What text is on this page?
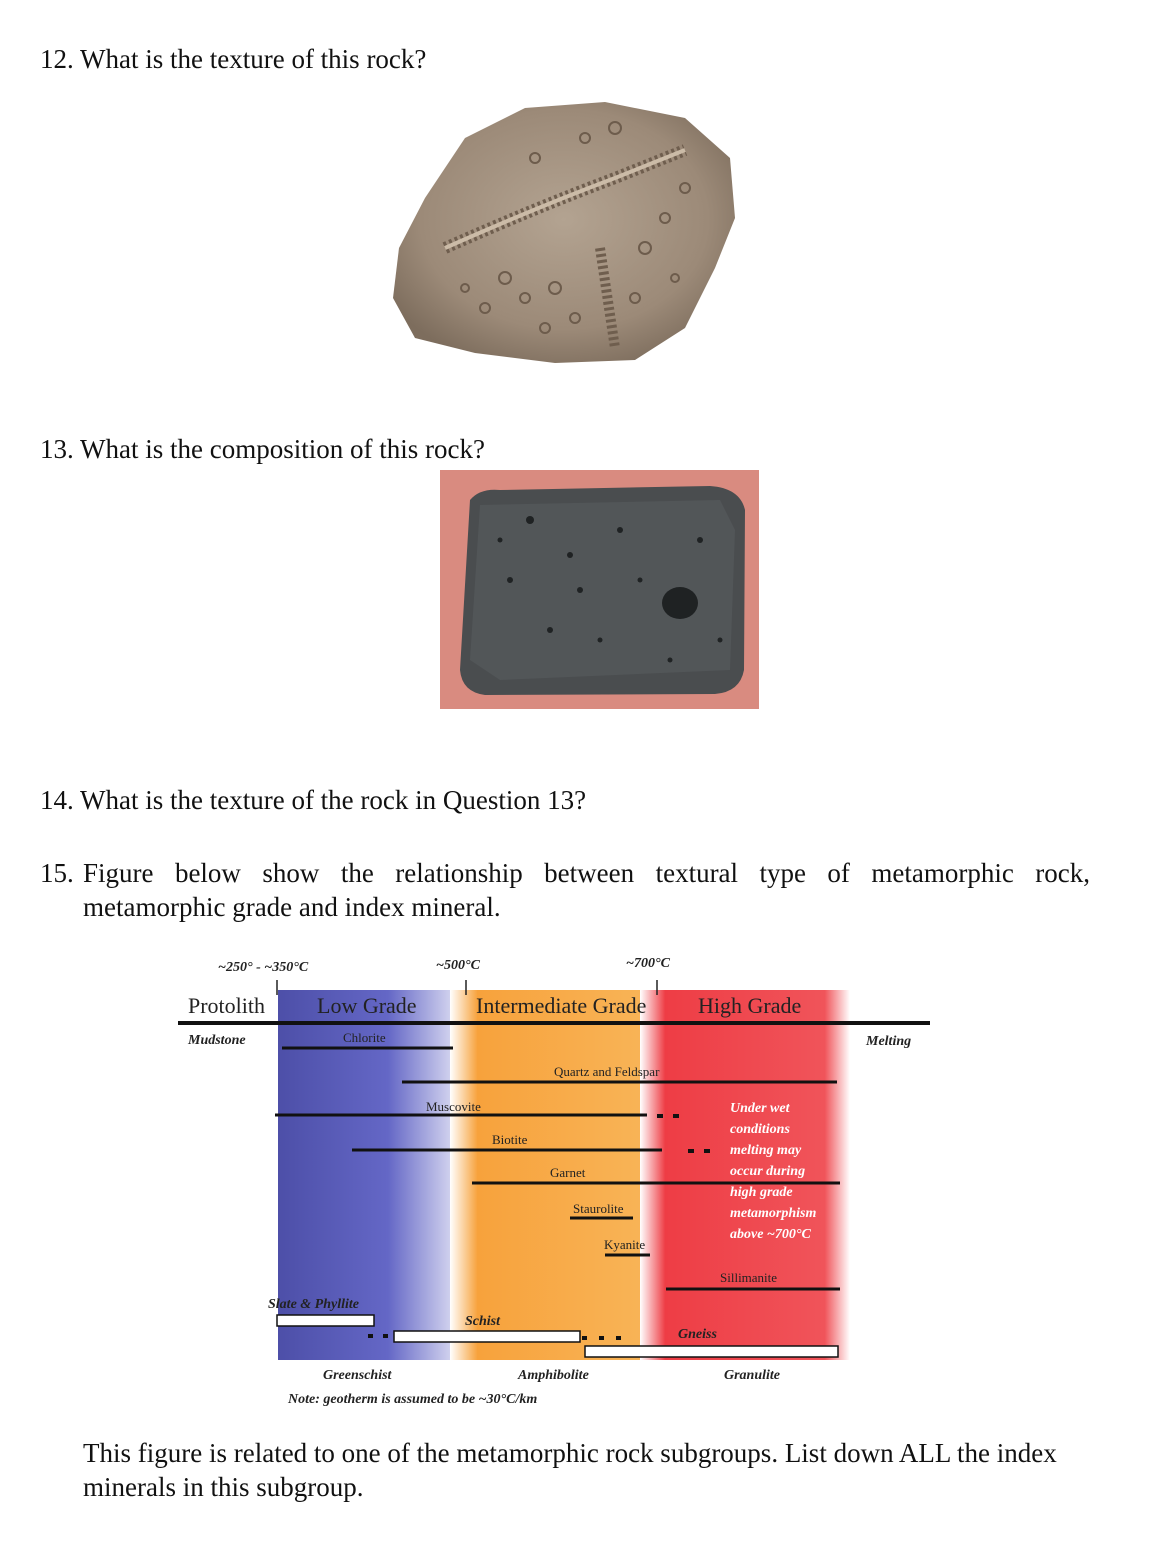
12. What is the texture of this rock?

13. What is the composition of this rock?

14. What is the texture of the rock in Question 13?

15. Figure below show the relationship between textural type of metamorphic rock, metamorphic grade and index mineral.
~250° - ~350°C	~500°C	~700°C
Protolith Low Grade	Intermediate Grade High Grade
Mudstone	Melting
Chlorite
Quartz and Feldspar
Muscovite
Biotite
Garnet
Staurolite
Kyanite
Sillimanite
Under wet
conditions
melting may
occur during
high grade
metamorphism
above ~700°C
Slate & Phyllite
Schist
Gneiss
Greenschist	Amphibolite	Granulite
Note: geotherm is assumed to be ~30°C/km

This figure is related to one of the metamorphic rock subgroups. List down ALL the index minerals in this subgroup.
